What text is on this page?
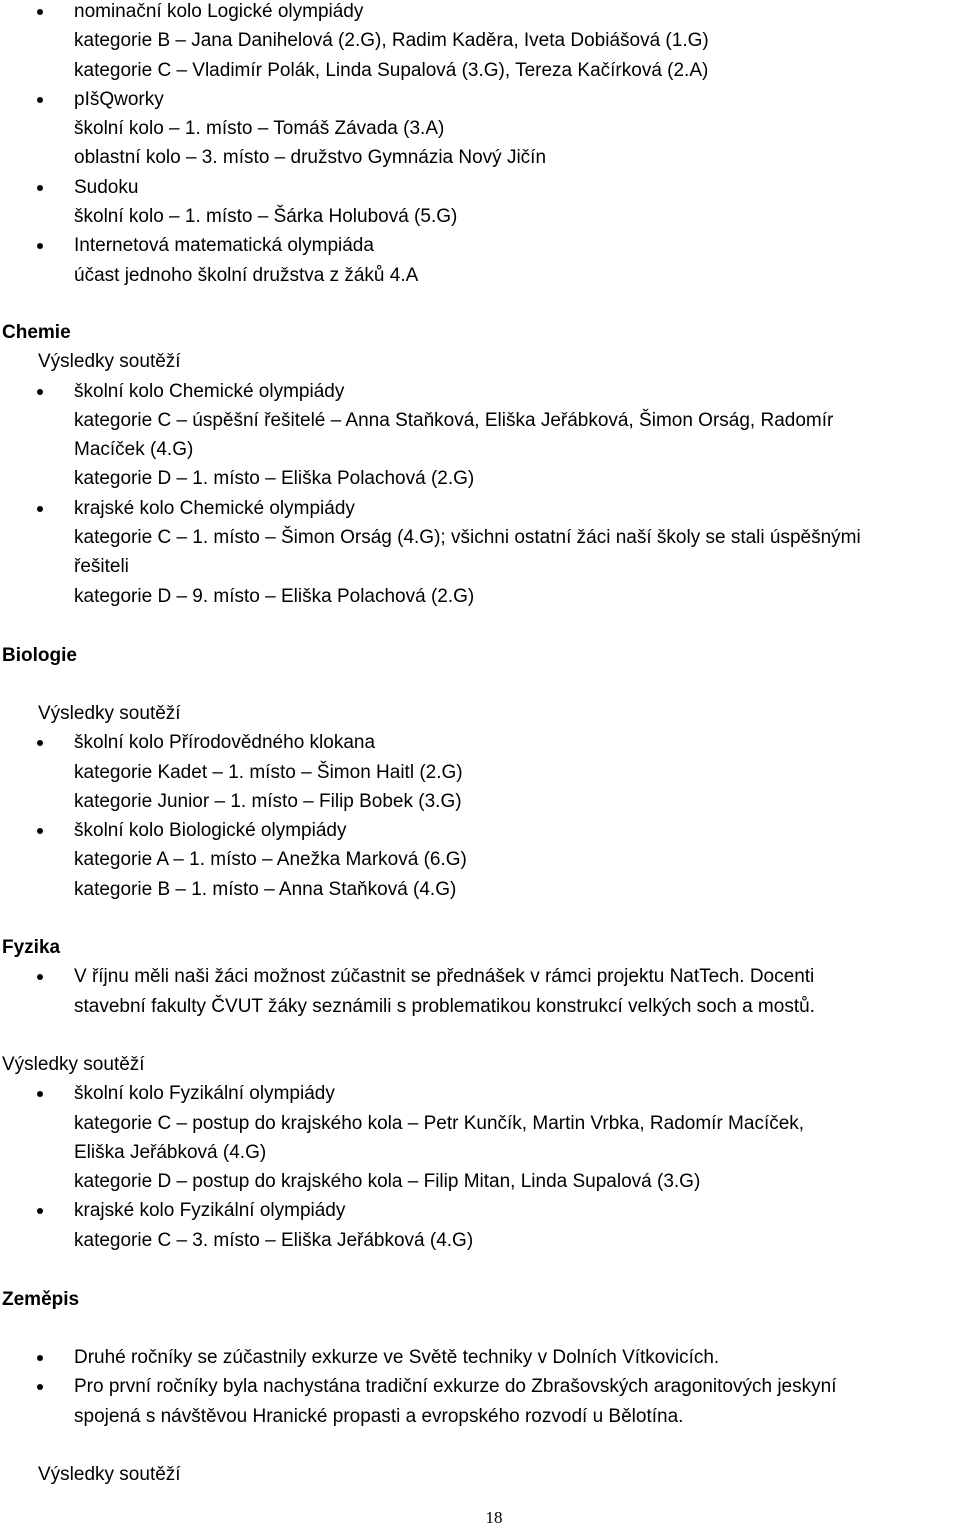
nominační kolo Logické olympiády
kategorie B – Jana Danihelová (2.G), Radim Kaděra, Iveta Dobiášová (1.G)
kategorie C – Vladimír Polák, Linda Supalová (3.G), Tereza Kačírková (2.A)
pIšQworky
školní kolo – 1. místo – Tomáš Závada (3.A)
oblastní kolo – 3. místo – družstvo Gymnázia Nový Jičín
Sudoku
školní kolo – 1. místo – Šárka Holubová (5.G)
Internetová matematická olympiáda
účast jednoho školní družstva z žáků 4.A
Chemie
Výsledky soutěží
školní kolo Chemické olympiády
kategorie C – úspěšní řešitelé – Anna Staňková, Eliška Jeřábková, Šimon Orság, Radomír
Macíček (4.G)
kategorie D – 1. místo – Eliška Polachová (2.G)
krajské kolo Chemické olympiády
kategorie C – 1. místo – Šimon Orság (4.G); všichni ostatní žáci naší školy se stali úspěšnými
řešiteli
kategorie D – 9. místo – Eliška Polachová (2.G)
Biologie
Výsledky soutěží
školní kolo Přírodovědného klokana
kategorie Kadet – 1. místo – Šimon Haitl (2.G)
kategorie Junior – 1. místo – Filip Bobek (3.G)
školní kolo Biologické olympiády
kategorie A – 1. místo – Anežka Marková (6.G)
kategorie B – 1. místo – Anna Staňková (4.G)
Fyzika
V říjnu měli naši žáci možnost zúčastnit se přednášek v rámci projektu NatTech. Docenti
stavební fakulty ČVUT žáky seznámili s problematikou konstrukcí velkých soch a mostů.
Výsledky soutěží
školní kolo Fyzikální olympiády
kategorie C – postup do krajského kola – Petr Kunčík, Martin Vrbka, Radomír Macíček,
Eliška Jeřábková (4.G)
kategorie D – postup do krajského kola – Filip Mitan, Linda Supalová (3.G)
krajské kolo Fyzikální olympiády
kategorie C – 3. místo – Eliška Jeřábková (4.G)
Zeměpis
Druhé ročníky se zúčastnily exkurze ve Světě techniky v Dolních Vítkovicích.
Pro první ročníky byla nachystána tradiční exkurze do Zbrašovských aragonitových jeskyní
spojená s návštěvou Hranické propasti a evropského rozvodí u Bělotína.
Výsledky soutěží
18
